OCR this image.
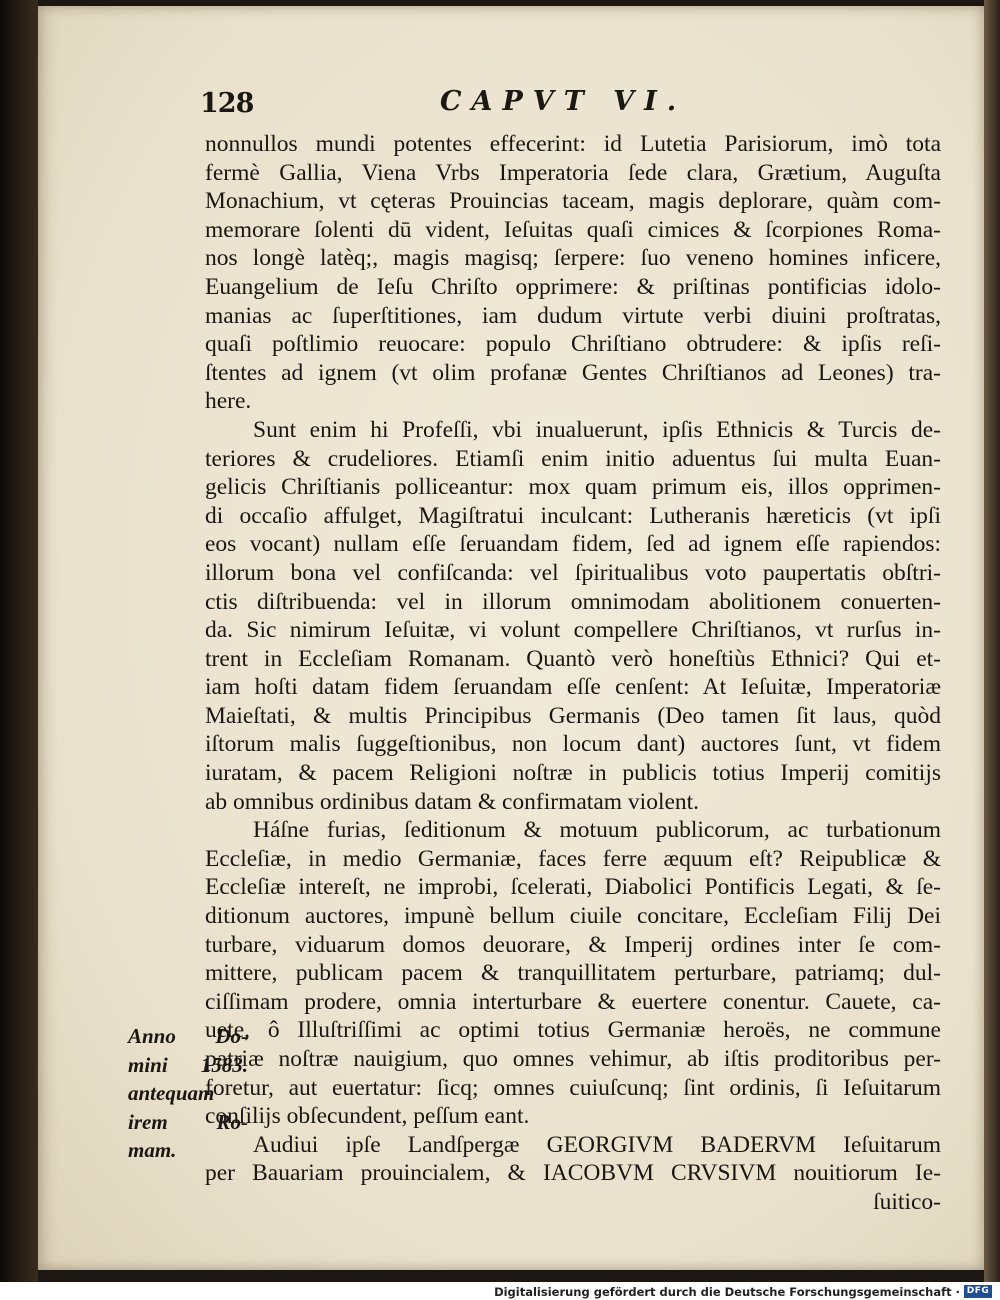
128	CAPVT VI.
nonnullos mundi potentes effecerint: id Lutetia Parisiorum, imò tota
fermè Gallia, Viena Vrbs Imperatoria ſede clara, Grætium, Auguſta
Monachium, vt cęteras Prouincias taceam, magis deplorare, quàm com-
memorare ſolenti dū vident, Ieſuitas quaſi cimices & ſcorpiones Roma-
nos longè latèq;, magis magisq; ſerpere: ſuo veneno homines inficere,
Euangelium de Ieſu Chriſto opprimere: & priſtinas pontificias idolo-
manias ac ſuperſtitiones, iam dudum virtute verbi diuini proſtratas,
quaſi poſtlimio reuocare: populo Chriſtiano obtrudere: & ipſis reſi-
ſtentes ad ignem (vt olim profanæ Gentes Chriſtianos ad Leones) tra-
here.
Sunt enim hi Profeſſi, vbi inualuerunt, ipſis Ethnicis & Turcis de-
teriores & crudeliores. Etiamſi enim initio aduentus ſui multa Euan-
gelicis Chriſtianis polliceantur: mox quam primum eis, illos opprimen-
di occaſio affulget, Magiſtratui inculcant: Lutheranis hæreticis (vt ipſi
eos vocant) nullam eſſe ſeruandam fidem, ſed ad ignem eſſe rapiendos:
illorum bona vel confiſcanda: vel ſpiritualibus voto paupertatis obſtri-
ctis diſtribuenda: vel in illorum omnimodam abolitionem conuerten-
da. Sic nimirum Ieſuitæ, vi volunt compellere Chriſtianos, vt rurſus in-
trent in Eccleſiam Romanam. Quantò verò honeſtiùs Ethnici? Qui et-
iam hoſti datam fidem ſeruandam eſſe cenſent: At Ieſuitæ, Imperatoriæ
Maieſtati, & multis Principibus Germanis (Deo tamen ſit laus, quòd
iſtorum malis ſuggeſtionibus, non locum dant) auctores ſunt, vt fidem
iuratam, & pacem Religioni noſtræ in publicis totius Imperij comitijs
ab omnibus ordinibus datam & confirmatam violent.
Háſne furias, ſeditionum & motuum publicorum, ac turbationum
Eccleſiæ, in medio Germaniæ, faces ferre æquum eſt? Reipublicæ &
Eccleſiæ intereſt, ne improbi, ſcelerati, Diabolici Pontificis Legati, & ſe-
ditionum auctores, impunè bellum ciuile concitare, Eccleſiam Filij Dei
turbare, viduarum domos deuorare, & Imperij ordines inter ſe com-
mittere, publicam pacem & tranquillitatem perturbare, patriamq; dul-
ciſſimam prodere, omnia interturbare & euertere conentur. Cauete, ca-
uete, ô Illuſtriſſimi ac optimi totius Germaniæ heroës, ne commune
patriæ noſtræ nauigium, quo omnes vehimur, ab iſtis proditoribus per-
foretur, aut euertatur: ſicq; omnes cuiuſcunq; ſint ordinis, ſi Ieſuitarum
conſilijs obſecundent, peſſum eant.
Audiui ipſe Landſpergæ GEORGIVM BADERVM Ieſuitarum
per Bauariam prouincialem, & IACOBVM CRVSIVM nouitiorum Ie-
ſuitico-
Anno Do-
mini 1583.
antequam
irem Ro-
mam.
Digitalisierung gefördert durch die Deutsche Forschungsgemeinschaft · DFG
